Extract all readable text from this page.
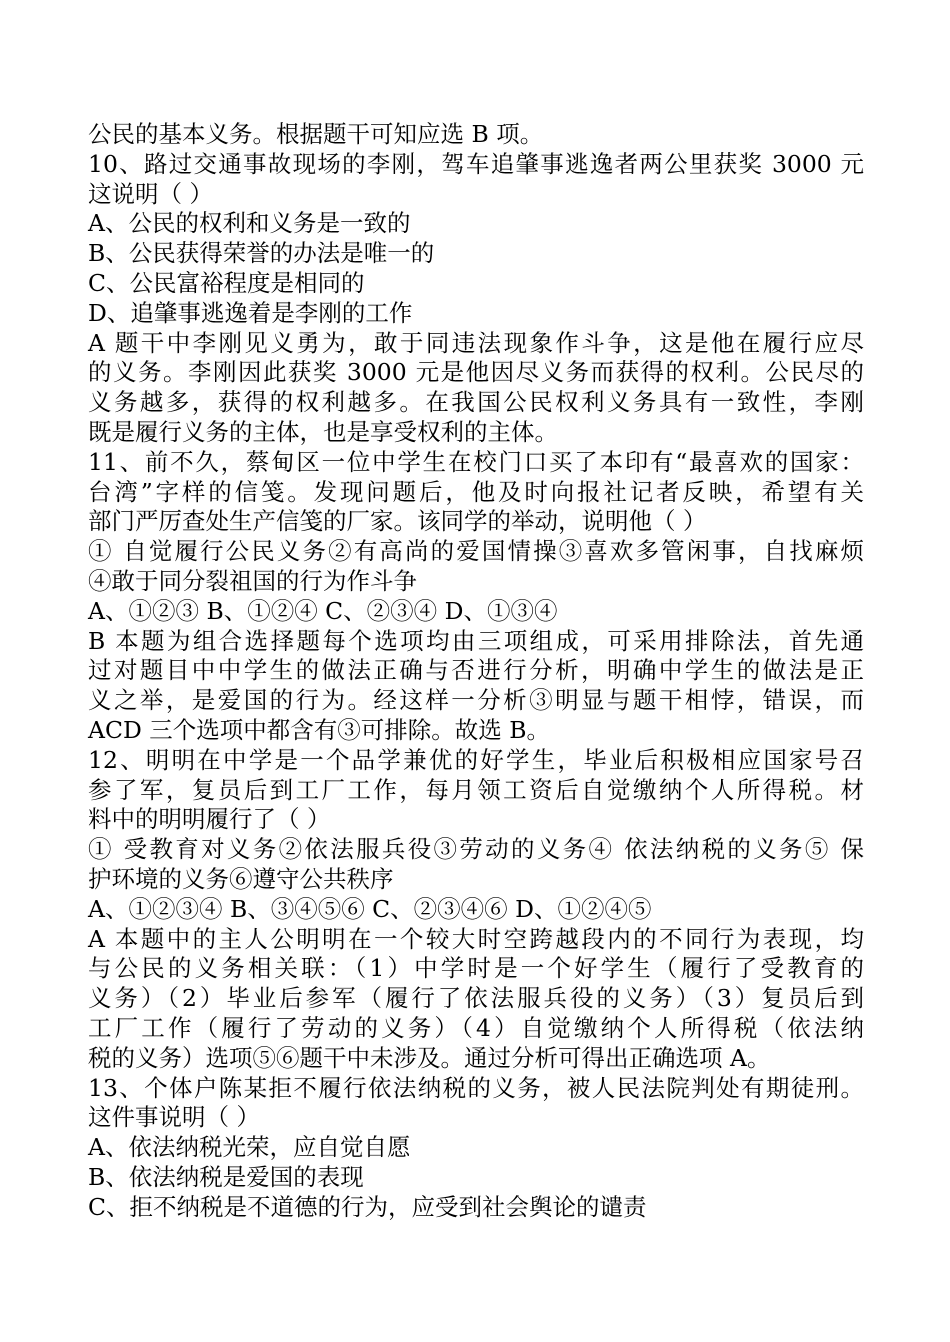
公民的基本义务。根据题干可知应选 B 项。
10、路过交通事故现场的李刚，驾车追肇事逃逸者两公里获奖 3000 元
这说明（ ）
A、公民的权利和义务是一致的
B、公民获得荣誉的办法是唯一的
C、公民富裕程度是相同的
D、追肇事逃逸着是李刚的工作
A 题干中李刚见义勇为，敢于同违法现象作斗争，这是他在履行应尽
的义务。李刚因此获奖 3000 元是他因尽义务而获得的权利。公民尽的
义务越多，获得的权利越多。在我国公民权利义务具有一致性，李刚
既是履行义务的主体，也是享受权利的主体。
11、前不久，蔡甸区一位中学生在校门口买了本印有“最喜欢的国家：
台湾”字样的信笺。发现问题后，他及时向报社记者反映，希望有关
部门严厉查处生产信笺的厂家。该同学的举动，说明他（ ）
① 自觉履行公民义务②有高尚的爱国情操③喜欢多管闲事，自找麻烦
④敢于同分裂祖国的行为作斗争
A、①②③ B、①②④ C、②③④ D、①③④
B 本题为组合选择题每个选项均由三项组成，可采用排除法，首先通
过对题目中中学生的做法正确与否进行分析，明确中学生的做法是正
义之举，是爱国的行为。经这样一分析③明显与题干相悖，错误，而
ACD 三个选项中都含有③可排除。故选 B。
12、明明在中学是一个品学兼优的好学生，毕业后积极相应国家号召
参了军，复员后到工厂工作，每月领工资后自觉缴纳个人所得税。材
料中的明明履行了（ ）
① 受教育对义务②依法服兵役③劳动的义务④ 依法纳税的义务⑤ 保
护环境的义务⑥遵守公共秩序
A、①②③④ B、③④⑤⑥ C、②③④⑥ D、①②④⑤
A 本题中的主人公明明在一个较大时空跨越段内的不同行为表现，均
与公民的义务相关联：（1）中学时是一个好学生（履行了受教育的
义务）（2）毕业后参军（履行了依法服兵役的义务）（3）复员后到
工厂工作（履行了劳动的义务）（4）自觉缴纳个人所得税（依法纳
税的义务）选项⑤⑥题干中未涉及。通过分析可得出正确选项 A。
13、个体户陈某拒不履行依法纳税的义务，被人民法院判处有期徒刑。
这件事说明（ ）
A、依法纳税光荣，应自觉自愿
B、依法纳税是爱国的表现
C、拒不纳税是不道德的行为，应受到社会舆论的谴责
